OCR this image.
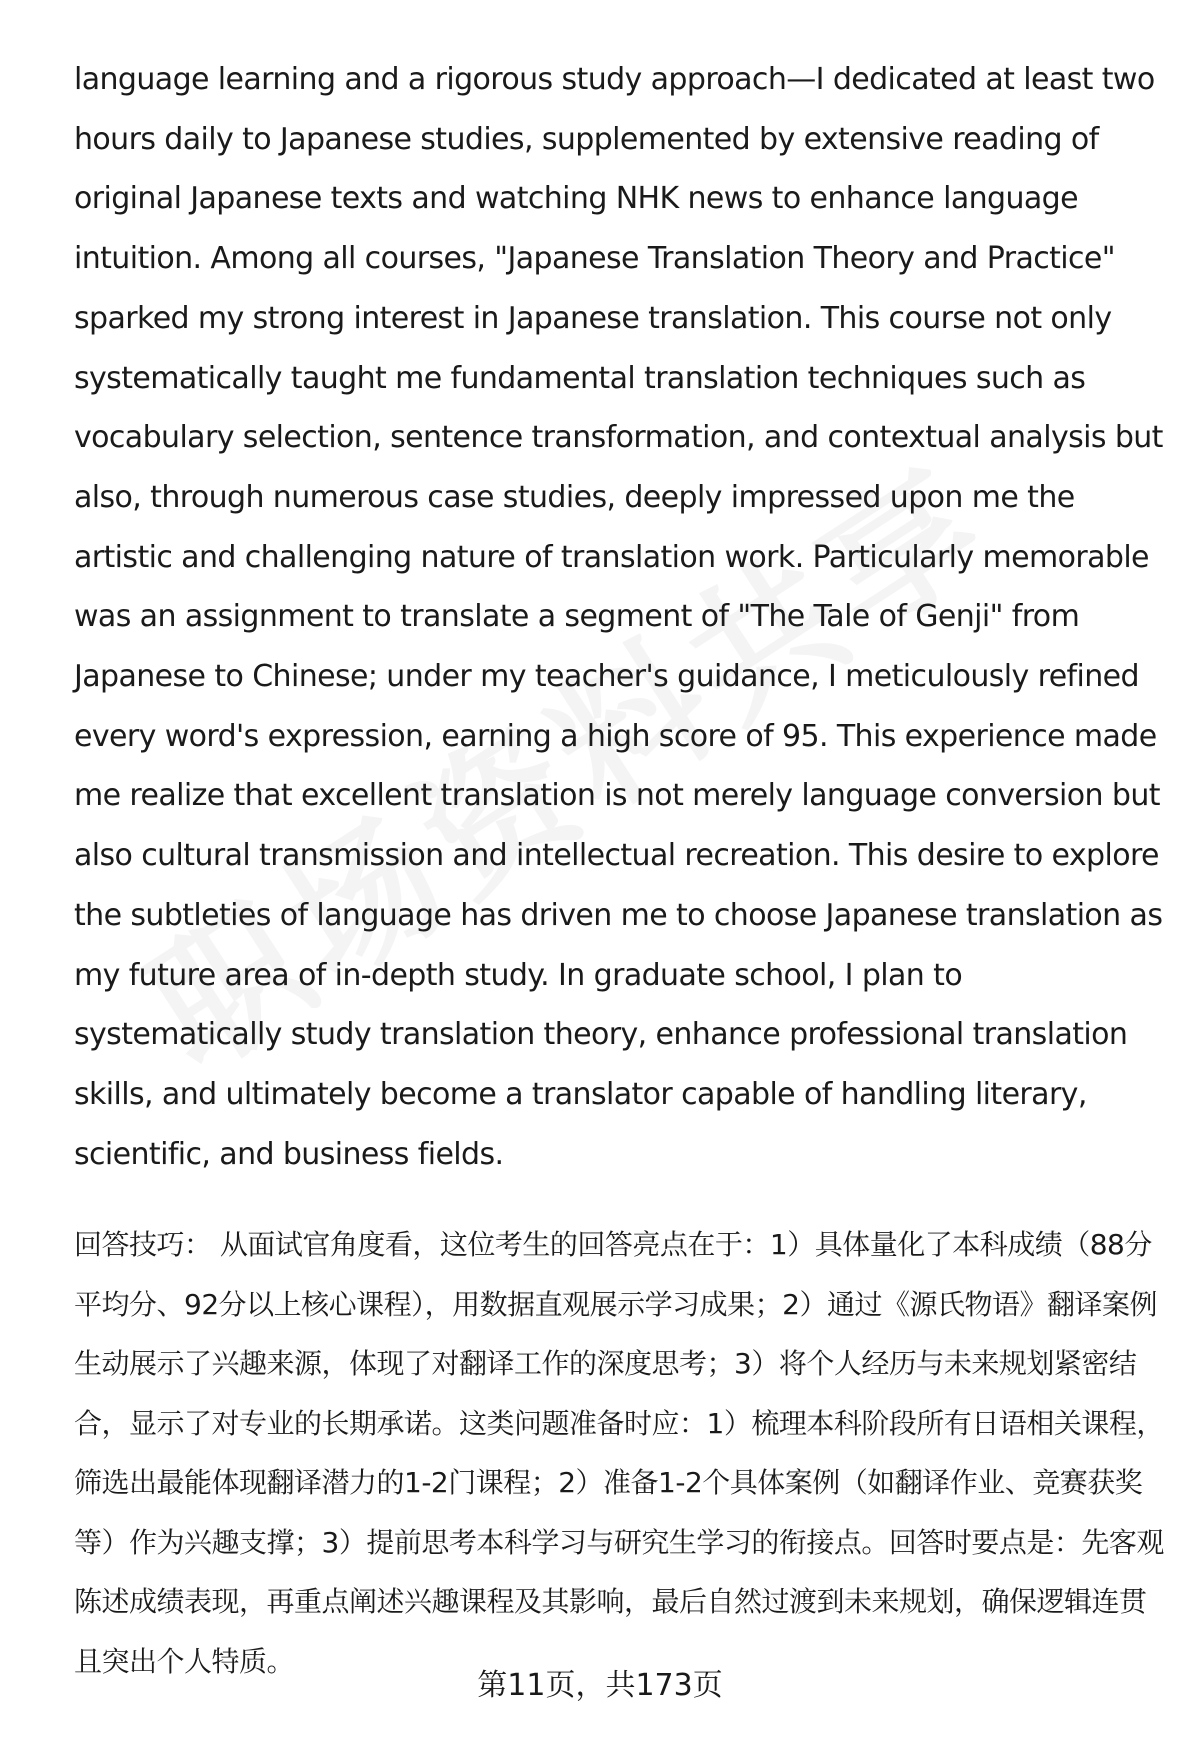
language learning and a rigorous study approach—I dedicated at least two hours daily to Japanese studies, supplemented by extensive reading of original Japanese texts and watching NHK news to enhance language intuition. Among all courses, "Japanese Translation Theory and Practice" sparked my strong interest in Japanese translation. This course not only systematically taught me fundamental translation techniques such as vocabulary selection, sentence transformation, and contextual analysis but also, through numerous case studies, deeply impressed upon me the artistic and challenging nature of translation work. Particularly memorable was an assignment to translate a segment of "The Tale of Genji" from Japanese to Chinese; under my teacher's guidance, I meticulously refined every word's expression, earning a high score of 95. This experience made me realize that excellent translation is not merely language conversion but also cultural transmission and intellectual recreation. This desire to explore the subtleties of language has driven me to choose Japanese translation as my future area of in-depth study. In graduate school, I plan to systematically study translation theory, enhance professional translation skills, and ultimately become a translator capable of handling literary, scientific, and business fields.

回答技巧： 从面试官角度看，这位考生的回答亮点在于：1）具体量化了本科成绩（88分平均分、92分以上核心课程），用数据直观展示学习成果；2）通过《源氏物语》翻译案例生动展示了兴趣来源，体现了对翻译工作的深度思考；3）将个人经历与未来规划紧密结合，显示了对专业的长期承诺。这类问题准备时应：1）梳理本科阶段所有日语相关课程，筛选出最能体现翻译潜力的1-2门课程；2）准备1-2个具体案例（如翻译作业、竞赛获奖等）作为兴趣支撑；3）提前思考本科学习与研究生学习的衔接点。回答时要点是：先客观陈述成绩表现，再重点阐述兴趣课程及其影响，最后自然过渡到未来规划，确保逻辑连贯且突出个人特质。

第11页，共173页
